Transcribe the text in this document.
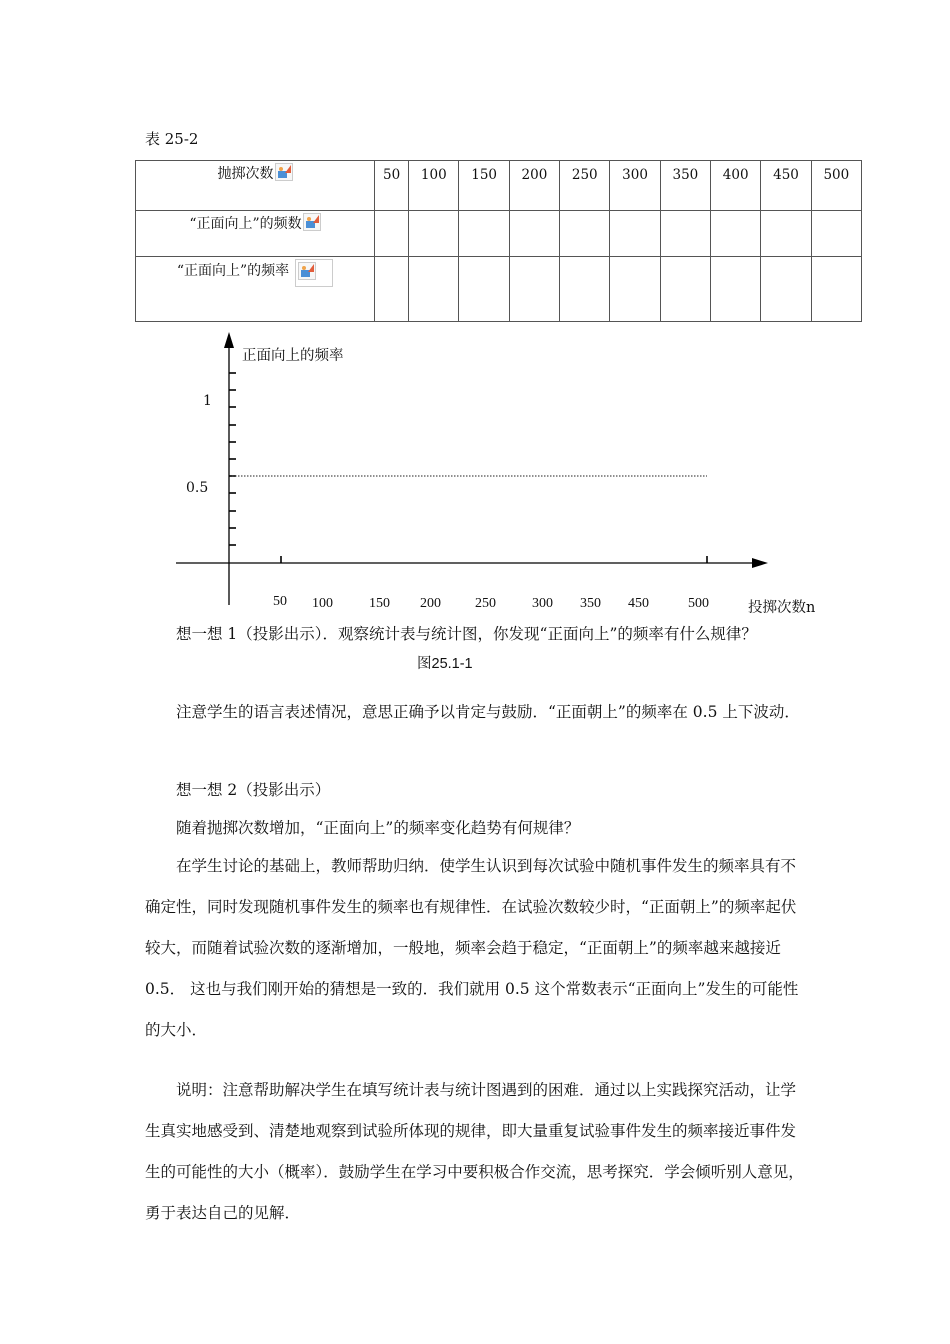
表 25-2
抛掷次数	50	100	150	200	250	300	350	400	450	500
“正面向上”的频数

“正面向上”的频率

正面向上的频率
1
0.5
50 100	150 200 250	300 350 450	500	投掷次数n
想一想 1（投影出示）．观察统计表与统计图，你发现“正面向上”的频率有什么规律？
图25.1-1
注意学生的语言表述情况，意思正确予以肯定与鼓励．“正面朝上”的频率在 0.5 上下波动．
想一想 2（投影出示）
随着抛掷次数增加，“正面向上”的频率变化趋势有何规律？
在学生讨论的基础上，教师帮助归纳．使学生认识到每次试验中随机事件发生的频率具有不确定性，同时发现随机事件发生的频率也有规律性．在试验次数较少时，“正面朝上”的频率起伏较大，而随着试验次数的逐渐增加，一般地，频率会趋于稳定，“正面朝上”的频率越来越接近 0.5． 这也与我们刚开始的猜想是一致的．我们就用 0.5 这个常数表示“正面向上”发生的可能性的大小．
说明：注意帮助解决学生在填写统计表与统计图遇到的困难．通过以上实践探究活动，让学生真实地感受到、清楚地观察到试验所体现的规律，即大量重复试验事件发生的频率接近事件发生的可能性的大小（概率）．鼓励学生在学习中要积极合作交流，思考探究．学会倾听别人意见，勇于表达自己的见解．
